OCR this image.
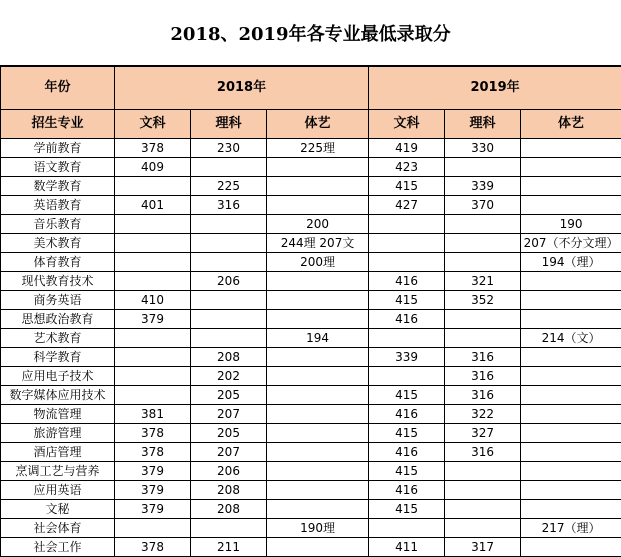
2018、2019年各专业最低录取分
年份	2018年			2019年		
招生专业	文科	理科	体艺	文科	理科	体艺
学前教育	378	230	225理	419	330	
语文教育	409			423		
数学教育		225		415	339	
英语教育	401	316		427	370	
音乐教育			200			190
美术教育			244理 207文			207（不分文理）
体育教育			200理			194（理）
现代教育技术		206		416	321	
商务英语	410			415	352	
思想政治教育	379			416		
艺术教育			194			214（文）
科学教育		208		339	316	
应用电子技术		202			316	
数字媒体应用技术		205		415	316	
物流管理	381	207		416	322	
旅游管理	378	205		415	327	
酒店管理	378	207		416	316	
烹调工艺与营养	379	206		415		
应用英语	379	208		416		
文秘	379	208		415		
社会体育			190理			217（理）
社会工作	378	211		411	317	
